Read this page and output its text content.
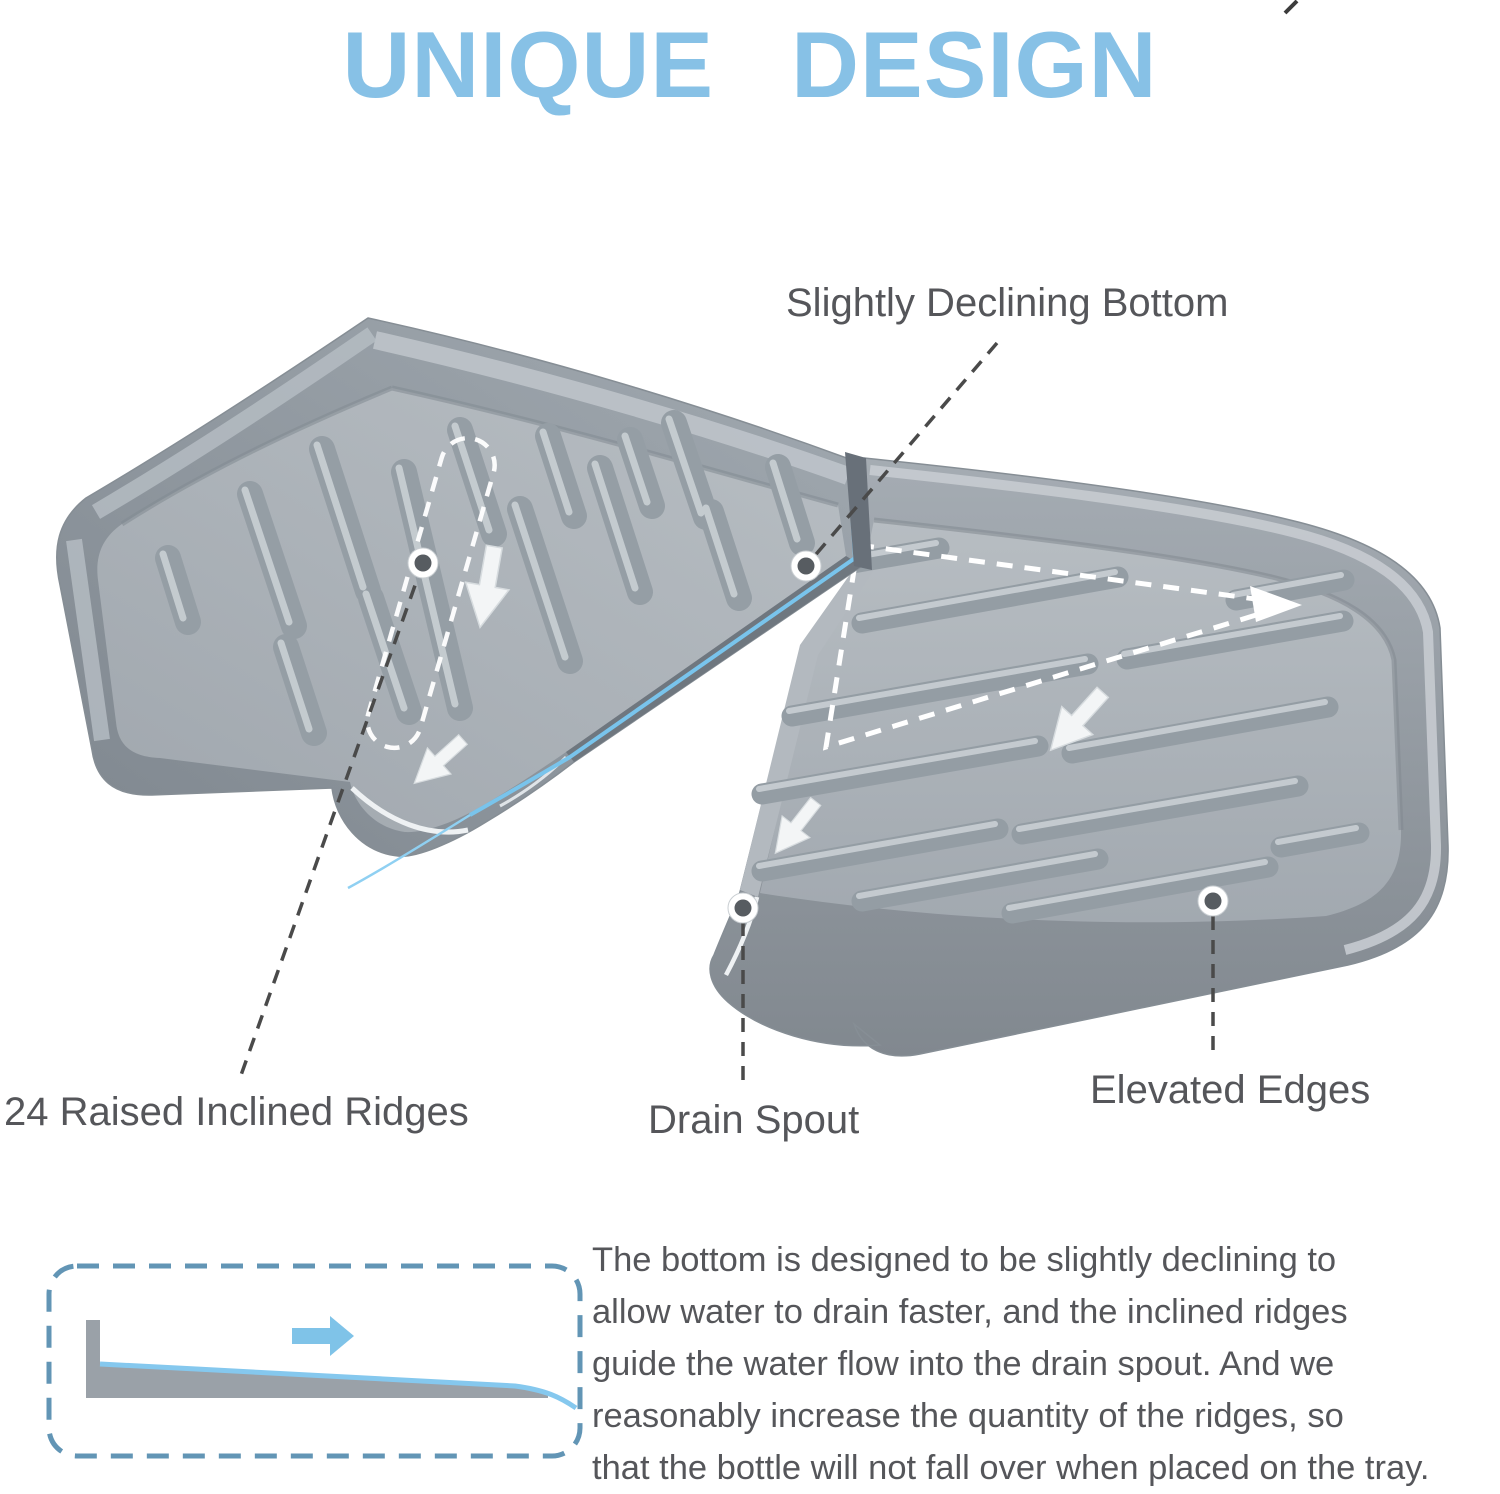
UNIQUE DESIGN
Slightly Declining Bottom
24 Raised Inclined Ridges	Drain Spout
Elevated Edges
The bottom is designed to be slightly declining to
allow water to drain faster, and the inclined ridges
guide the water flow into the drain spout. And we
reasonably increase the quantity of the ridges, so
that the bottle will not fall over when placed on the tray.
